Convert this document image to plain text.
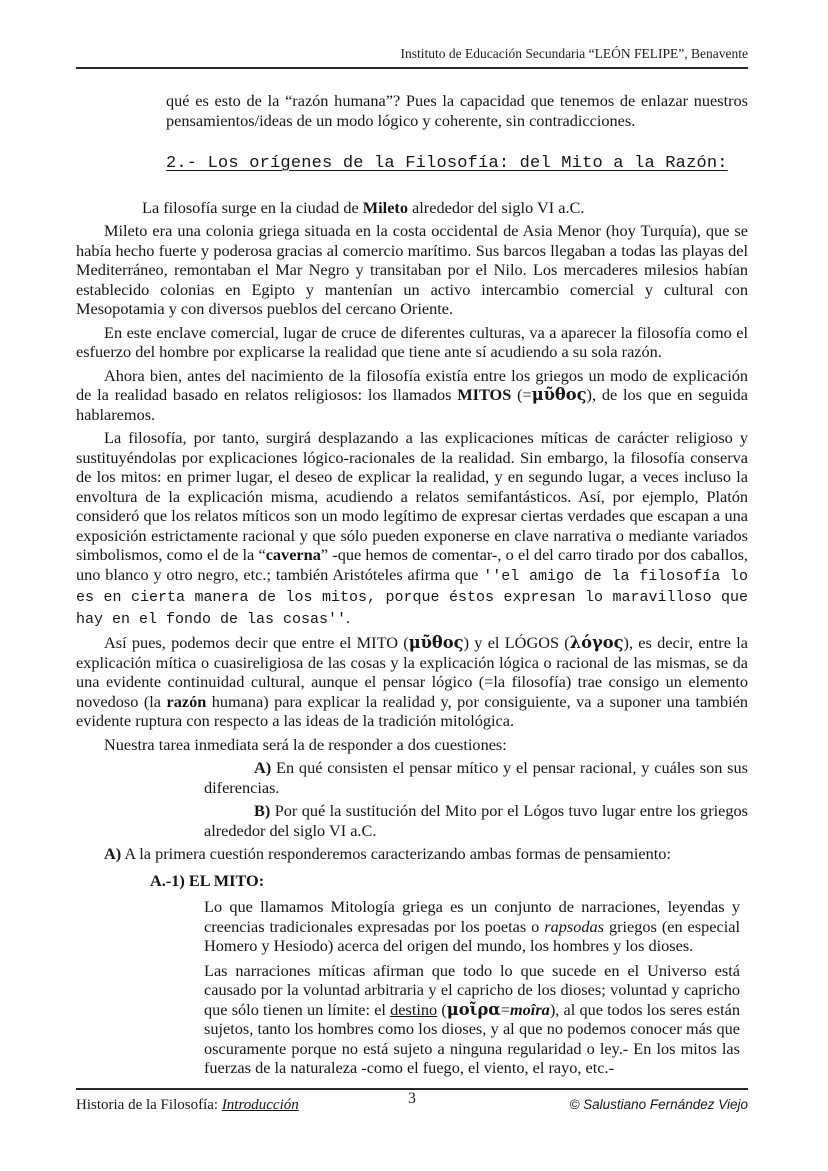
Instituto de Educación Secundaria “LEÓN FELIPE”, Benavente

qué es esto de la “razón humana”? Pues la capacidad que tenemos de enlazar nuestros pensamientos/ideas de un modo lógico y coherente, sin contradicciones.

2.- Los orígenes de la Filosofía: del Mito a la Razón:

La filosofía surge en la ciudad de Mileto alrededor del siglo VI a.C.

Mileto era una colonia griega situada en la costa occidental de Asia Menor (hoy Turquía), que se había hecho fuerte y poderosa gracias al comercio marítimo. Sus barcos llegaban a todas las playas del Mediterráneo, remontaban el Mar Negro y transitaban por el Nilo. Los mercaderes milesios habían establecido colonias en Egipto y mantenían un activo intercambio comercial y cultural con Mesopotamia y con diversos pueblos del cercano Oriente.

En este enclave comercial, lugar de cruce de diferentes culturas, va a aparecer la filosofía como el esfuerzo del hombre por explicarse la realidad que tiene ante sí acudiendo a su sola razón.

Ahora bien, antes del nacimiento de la filosofía existía entre los griegos un modo de explicación de la realidad basado en relatos religiosos: los llamados MITOS (=μῦθος), de los que en seguida hablaremos.

La filosofía, por tanto, surgirá desplazando a las explicaciones míticas de carácter religioso y sustituyéndolas por explicaciones lógico-racionales de la realidad. Sin embargo, la filosofía conserva de los mitos: en primer lugar, el deseo de explicar la realidad, y en segundo lugar, a veces incluso la envoltura de la explicación misma, acudiendo a relatos semifantásticos. Así, por ejemplo, Platón consideró que los relatos míticos son un modo legítimo de expresar ciertas verdades que escapan a una exposición estrictamente racional y que sólo pueden exponerse en clave narrativa o mediante variados simbolismos, como el de la “caverna” -que hemos de comentar-, o el del carro tirado por dos caballos, uno blanco y otro negro, etc.; también Aristóteles afirma que ''el amigo de la filosofía lo es en cierta manera de los mitos, porque éstos expresan lo maravilloso que hay en el fondo de las cosas''.

Así pues, podemos decir que entre el MITO (μῦθος) y el LÓGOS (λόγος), es decir, entre la explicación mítica o cuasireligiosa de las cosas y la explicación lógica o racional de las mismas, se da una evidente continuidad cultural, aunque el pensar lógico (=la filosofía) trae consigo un elemento novedoso (la razón humana) para explicar la realidad y, por consiguiente, va a suponer una también evidente ruptura con respecto a las ideas de la tradición mitológica.

Nuestra tarea inmediata será la de responder a dos cuestiones:

A) En qué consisten el pensar mítico y el pensar racional, y cuáles son sus diferencias.

B) Por qué la sustitución del Mito por el Lógos tuvo lugar entre los griegos alrededor del siglo VI a.C.

A) A la primera cuestión responderemos caracterizando ambas formas de pensamiento:

A.-1) EL MITO:

Lo que llamamos Mitología griega es un conjunto de narraciones, leyendas y creencias tradicionales expresadas por los poetas o rapsodas griegos (en especial Homero y Hesiodo) acerca del origen del mundo, los hombres y los dioses.

Las narraciones míticas afirman que todo lo que sucede en el Universo está causado por la voluntad arbitraria y el capricho de los dioses; voluntad y capricho que sólo tienen un límite: el destino (μοῖρα=moîra), al que todos los seres están sujetos, tanto los hombres como los dioses, y al que no podemos conocer más que oscuramente porque no está sujeto a ninguna regularidad o ley.- En los mitos las fuerzas de la naturaleza -como el fuego, el viento, el rayo, etc.-

Historia de la Filosofía: Introducción	3	© Salustiano Fernández Viejo
